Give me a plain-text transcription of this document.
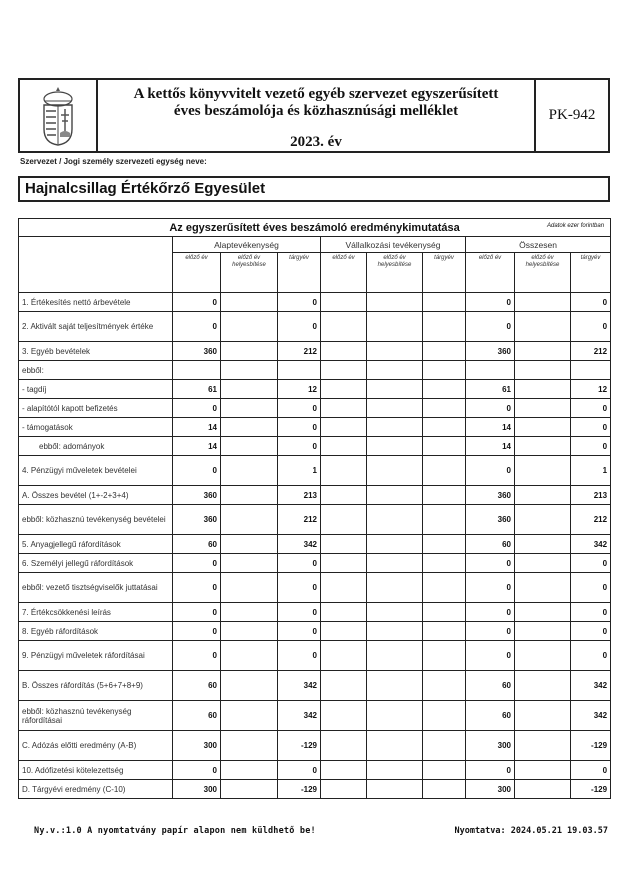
A kettős könyvvitelt vezető egyéb szervezet egyszerűsített
éves beszámolója és közhasznúsági melléklet
2023. év
PK-942
Szervezet / Jogi személy szervezeti egység neve:
Hajnalcsillag Értékőrző Egyesület
Az egyszerűsített éves beszámoló eredménykimutatása Adatok ezer forintban									

	Alaptevékenység			Vállalkozási tevékenység			Összesen		
	előző év	előző év helyesbítése	tárgyév	előző év	előző év helyesbítése	tárgyév	előző év	előző év helyesbítése	tárgyév
1. Értékesítés nettó árbevétele	0		0				0		0
2. Aktivált saját teljesítmények értéke	0		0				0		0
3. Egyéb bevételek	360		212				360		212
ebből:									
- tagdíj	61		12				61		12
- alapítótól kapott befizetés	0		0				0		0
- támogatások	14		0				14		0
ebből: adományok	14		0				14		0
4. Pénzügyi műveletek bevételei	0		1				0		1
A. Összes bevétel (1+-2+3+4)	360		213				360		213
ebből: közhasznú tevékenység bevételei	360		212				360		212
5. Anyagjellegű ráfordítások	60		342				60		342
6. Személyi jellegű ráfordítások	0		0				0		0
ebből: vezető tisztségviselők juttatásai	0		0				0		0
7. Értékcsökkenési leírás	0		0				0		0
8. Egyéb ráfordítások	0		0				0		0
9. Pénzügyi műveletek ráfordításai	0		0				0		0
B. Összes ráfordítás (5+6+7+8+9)	60		342				60		342
ebből: közhasznú tevékenység ráfordításai	60		342				60		342
C. Adózás előtti eredmény (A-B)	300		-129				300		-129
10. Adófizetési kötelezettség	0		0				0		0
D. Tárgyévi eredmény (C-10)	300		-129				300		-129
Ny.v.:1.0 A nyomtatvány papír alapon nem küldhető be!	Nyomtatva: 2024.05.21 19.03.57
